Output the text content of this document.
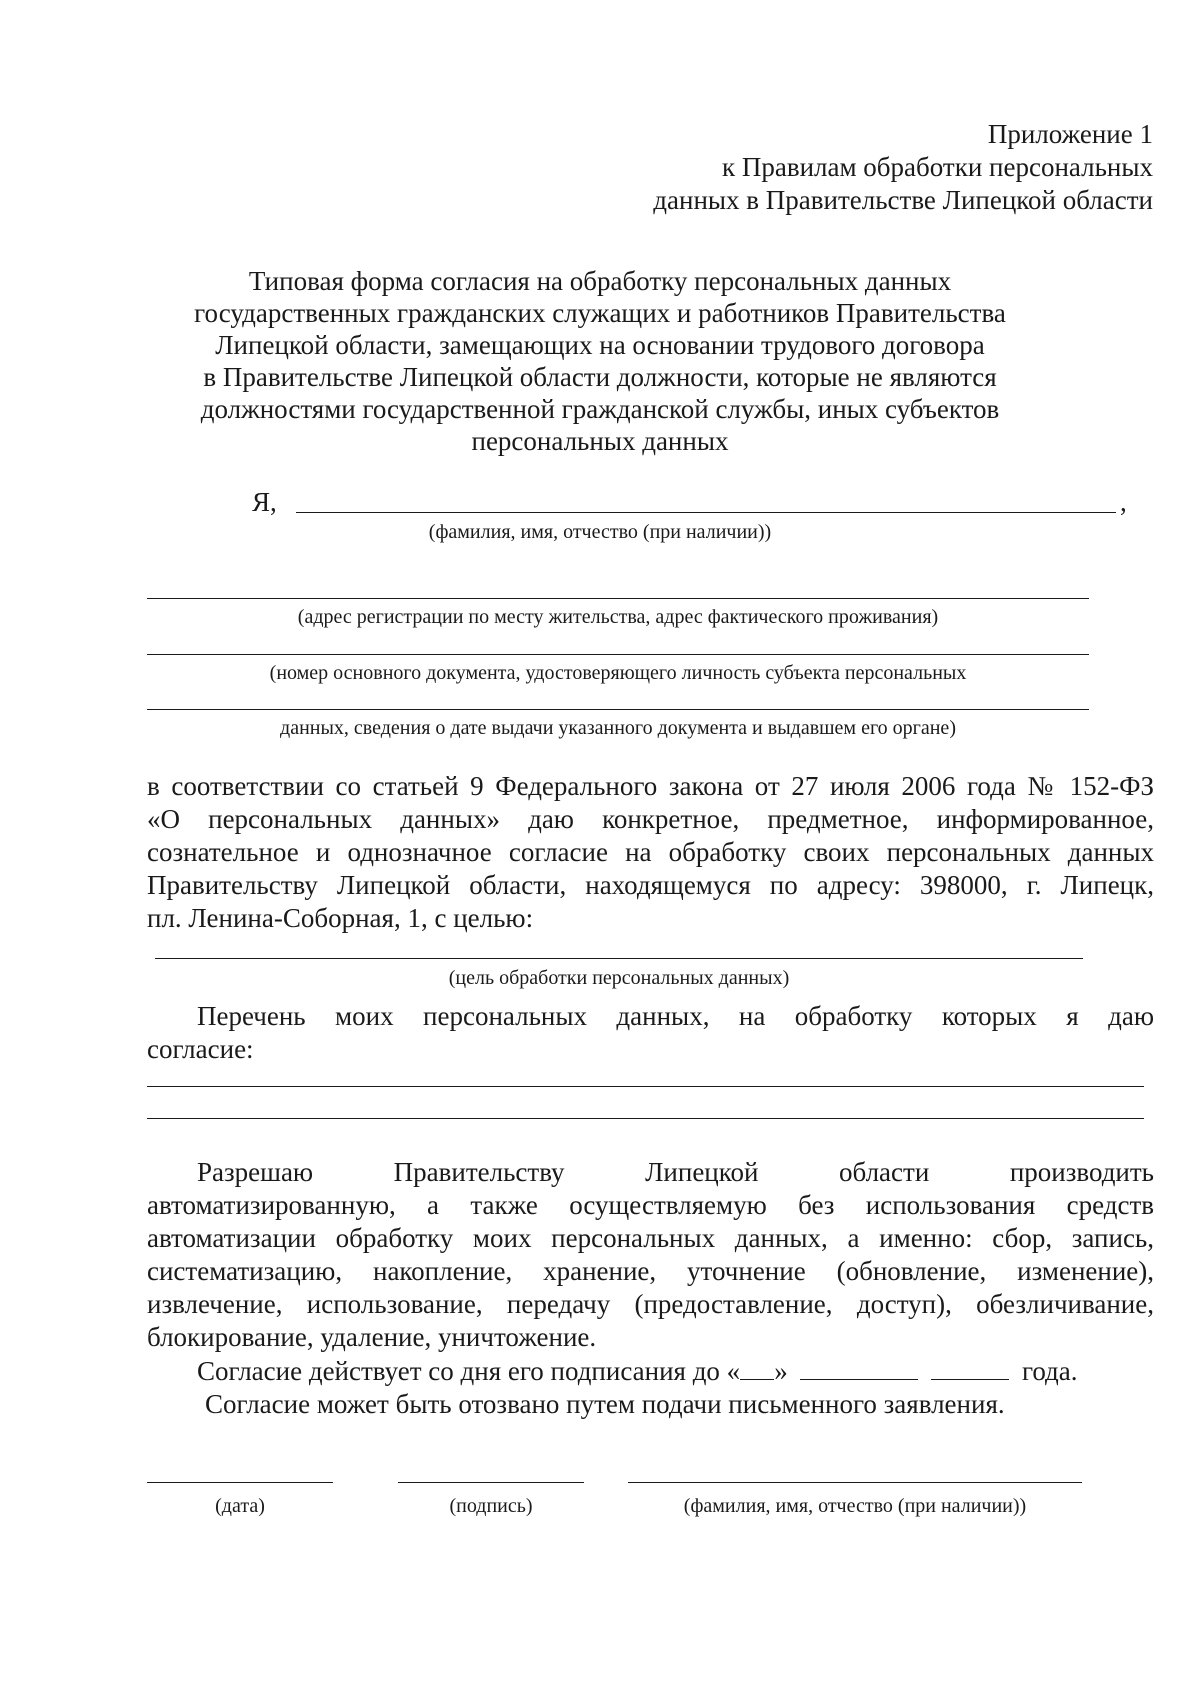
Приложение 1
к Правилам обработки персональных
данных в Правительстве Липецкой области
Типовая форма согласия на обработку персональных данных
государственных гражданских служащих и работников Правительства
Липецкой области, замещающих на основании трудового договора
в Правительстве Липецкой области должности, которые не являются
должностями государственной гражданской службы, иных субъектов
персональных данных
Я,	,
(фамилия, имя, отчество (при наличии))
(адрес регистрации по месту жительства, адрес фактического проживания)
(номер основного документа, удостоверяющего личность субъекта персональных
данных, сведения о дате выдачи указанного документа и выдавшем его органе)
в соответствии со статьей 9 Федерального закона от 27 июля 2006 года № 152-ФЗ
«О персональных данных» даю конкретное, предметное, информированное,
сознательное и однозначное согласие на обработку своих персональных данных
Правительству Липецкой области, находящемуся по адресу: 398000, г. Липецк,
пл. Ленина-Соборная, 1, с целью:
(цель обработки персональных данных)
Перечень моих персональных данных, на обработку которых я даю
согласие:
Разрешаю Правительству Липецкой области производить
автоматизированную, а также осуществляемую без использования средств
автоматизации обработку моих персональных данных, а именно: сбор, запись,
систематизацию, накопление, хранение, уточнение (обновление, изменение),
извлечение, использование, передачу (предоставление, доступ), обезличивание,
блокирование, удаление, уничтожение.
Согласие действует со дня его подписания до « »	года.
Согласие может быть отозвано путем подачи письменного заявления.
(дата)	(подпись)	(фамилия, имя, отчество (при наличии))
